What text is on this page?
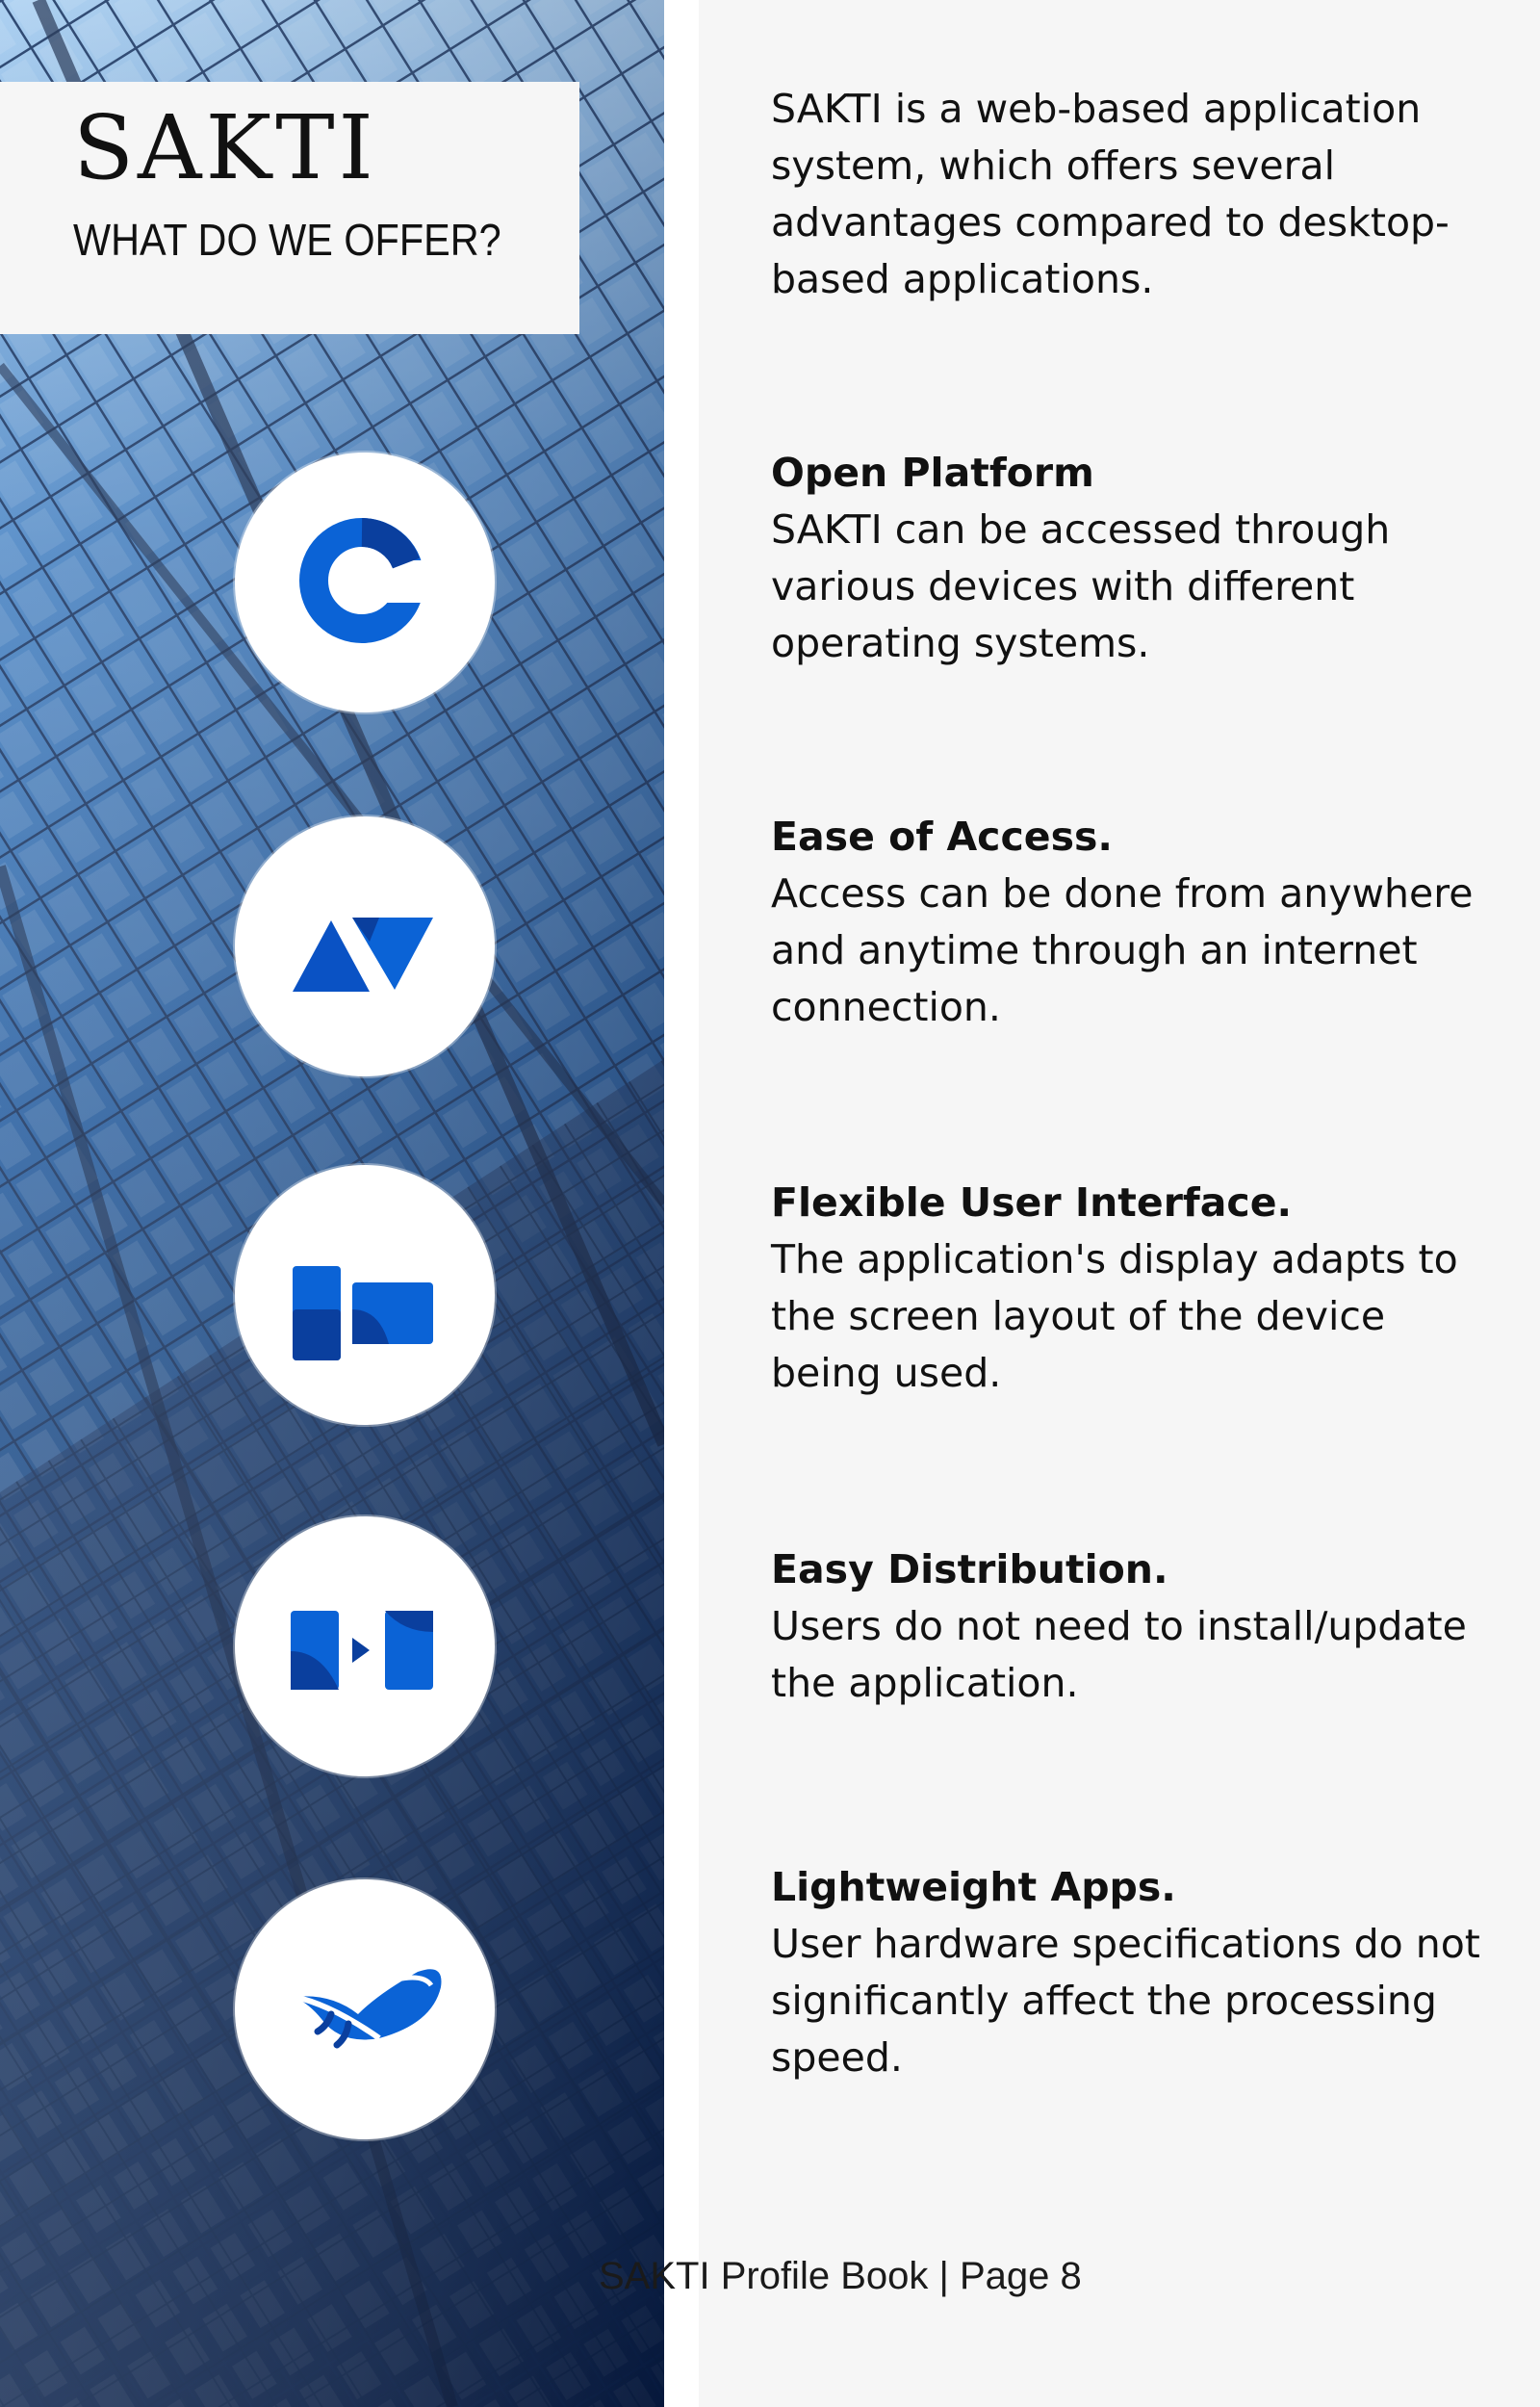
SAKTI

WHAT DO WE OFFER?

SAKTI is a web-based application system, which offers several advantages compared to desktop-based applications.
Open Platform
SAKTI can be accessed through various devices with different operating systems.
Ease of Access.
Access can be done from anywhere and anytime through an internet connection.
Flexible User Interface.
The application's display adapts to the screen layout of the device being used.
Easy Distribution.
Users do not need to install/update the application.
Lightweight Apps.
User hardware specifications do not significantly affect the processing speed.

SAKTI Profile Book | Page 8
